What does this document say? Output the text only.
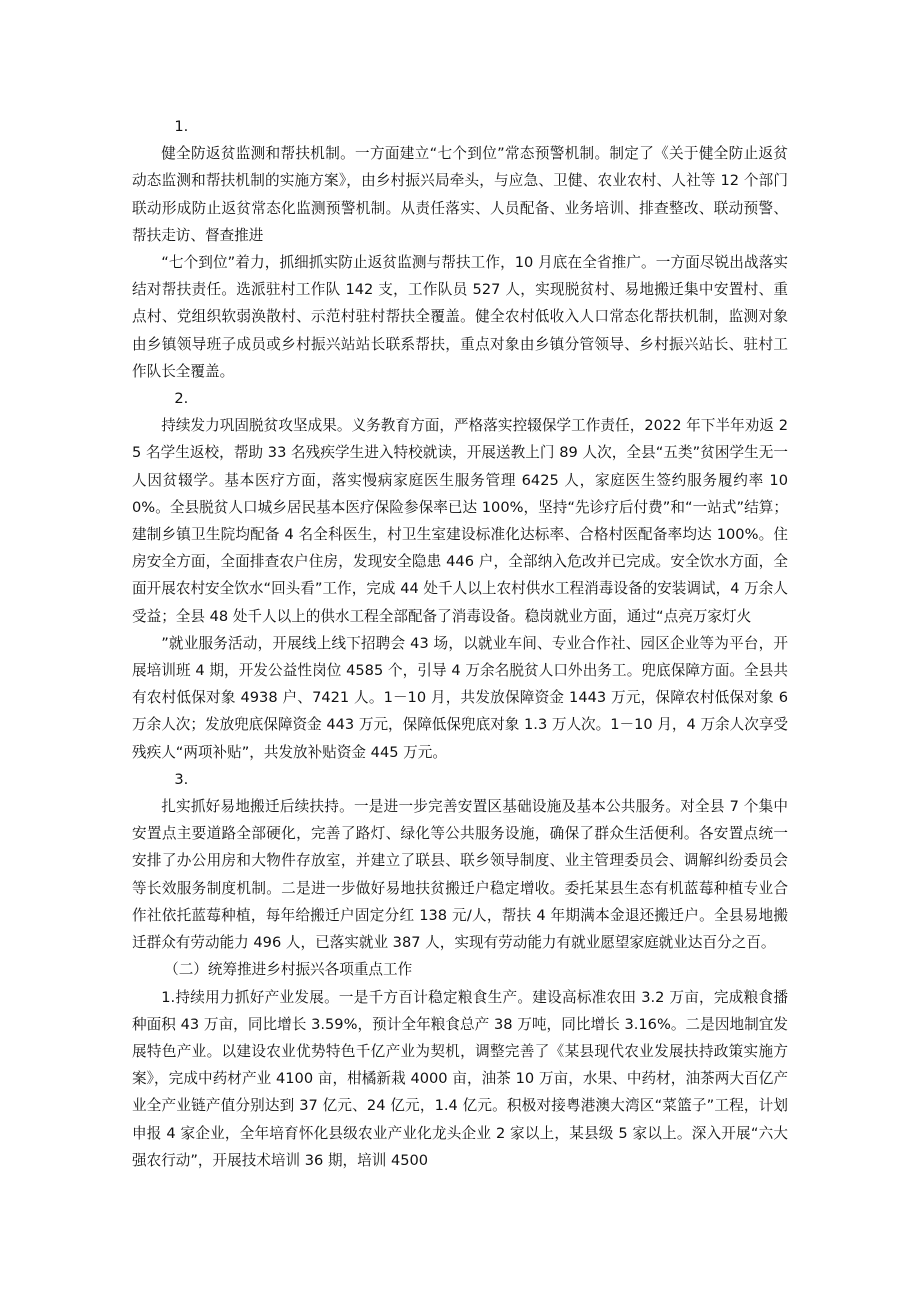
1.

健全防返贫监测和帮扶机制。一方面建立“七个到位”常态预警机制。制定了《关于健全防止返贫动态监测和帮扶机制的实施方案》，由乡村振兴局牵头，与应急、卫健、农业农村、人社等 12 个部门联动形成防止返贫常态化监测预警机制。从责任落实、人员配备、业务培训、排查整改、联动预警、帮扶走访、督查推进

“七个到位”着力，抓细抓实防止返贫监测与帮扶工作，10 月底在全省推广。一方面尽锐出战落实结对帮扶责任。选派驻村工作队 142 支，工作队员 527 人，实现脱贫村、易地搬迁集中安置村、重点村、党组织软弱涣散村、示范村驻村帮扶全覆盖。健全农村低收入人口常态化帮扶机制，监测对象由乡镇领导班子成员或乡村振兴站站长联系帮扶，重点对象由乡镇分管领导、乡村振兴站长、驻村工作队长全覆盖。

2.

持续发力巩固脱贫攻坚成果。义务教育方面，严格落实控辍保学工作责任，2022 年下半年劝返 25 名学生返校，帮助 33 名残疾学生进入特校就读，开展送教上门 89 人次，全县“五类”贫困学生无一人因贫辍学。基本医疗方面，落实慢病家庭医生服务管理 6425 人，家庭医生签约服务履约率 100%。全县脱贫人口城乡居民基本医疗保险参保率已达 100%，坚持“先诊疗后付费”和“一站式”结算；建制乡镇卫生院均配备 4 名全科医生，村卫生室建设标准化达标率、合格村医配备率均达 100%。住房安全方面，全面排查农户住房，发现安全隐患 446 户，全部纳入危改并已完成。安全饮水方面，全面开展农村安全饮水“回头看”工作，完成 44 处千人以上农村供水工程消毒设备的安装调试，4 万余人受益；全县 48 处千人以上的供水工程全部配备了消毒设备。稳岗就业方面，通过“点亮万家灯火

”就业服务活动，开展线上线下招聘会 43 场，以就业车间、专业合作社、园区企业等为平台，开展培训班 4 期，开发公益性岗位 4585 个，引导 4 万余名脱贫人口外出务工。兜底保障方面。全县共有农村低保对象 4938 户、7421 人。1－10 月，共发放保障资金 1443 万元，保障农村低保对象 6 万余人次；发放兜底保障资金 443 万元，保障低保兜底对象 1.3 万人次。1－10 月，4 万余人次享受残疾人“两项补贴”，共发放补贴资金 445 万元。

3.

扎实抓好易地搬迁后续扶持。一是进一步完善安置区基础设施及基本公共服务。对全县 7 个集中安置点主要道路全部硬化，完善了路灯、绿化等公共服务设施，确保了群众生活便利。各安置点统一安排了办公用房和大物件存放室，并建立了联县、联乡领导制度、业主管理委员会、调解纠纷委员会等长效服务制度机制。二是进一步做好易地扶贫搬迁户稳定增收。委托某县生态有机蓝莓种植专业合作社依托蓝莓种植，每年给搬迁户固定分红 138 元/人，帮扶 4 年期满本金退还搬迁户。全县易地搬迁群众有劳动能力 496 人，已落实就业 387 人，实现有劳动能力有就业愿望家庭就业达百分之百。

（二）统筹推进乡村振兴各项重点工作

1.持续用力抓好产业发展。一是千方百计稳定粮食生产。建设高标准农田 3.2 万亩，完成粮食播种面积 43 万亩，同比增长 3.59%，预计全年粮食总产 38 万吨，同比增长 3.16%。二是因地制宜发展特色产业。以建设农业优势特色千亿产业为契机，调整完善了《某县现代农业发展扶持政策实施方案》，完成中药材产业 4100 亩，柑橘新栽 4000 亩，油茶 10 万亩，水果、中药材，油茶两大百亿产业全产业链产值分别达到 37 亿元、24 亿元，1.4 亿元。积极对接粤港澳大湾区“菜篮子”工程，计划申报 4 家企业，全年培育怀化县级农业产业化龙头企业 2 家以上，某县级 5 家以上。深入开展“六大强农行动”，开展技术培训 36 期，培训 4500
